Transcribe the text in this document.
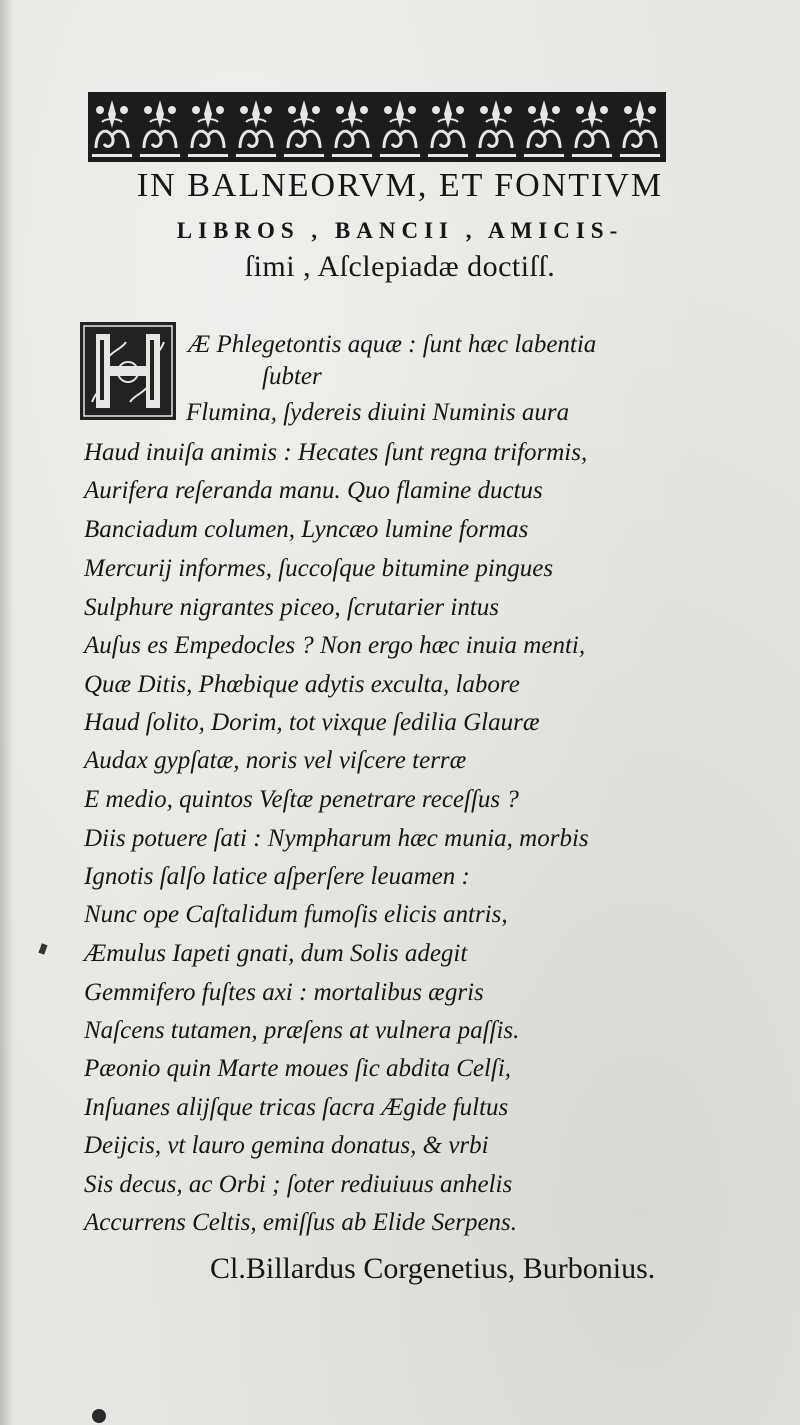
IN BALNEORVM, ET FONTIVM
LIBROS , BANCII , AMICIS-
ſimi , Aſclepiadæ doctiſſ.
Æ Phlegetontis aquæ : ſunt hæc labentia
ſubter
Flumina, ſydereis diuini Numinis aura
Haud inuiſa animis : Hecates ſunt regna triformis,
Aurifera reſeranda manu. Quo flamine ductus
Banciadum columen, Lyncæo lumine formas
Mercurij informes, ſuccoſque bitumine pingues
Sulphure nigrantes piceo, ſcrutarier intus
Auſus es Empedocles ? Non ergo hæc inuia menti,
Quæ Ditis, Phœbique adytis exculta, labore
Haud ſolito, Dorim, tot vixque ſedilia Glauræ
Audax gypſatæ, noris vel viſcere terræ
E medio, quintos Veſtæ penetrare receſſus ?
Diis potuere ſati : Nympharum hæc munia, morbis
Ignotis ſalſo latice aſperſere leuamen :
Nunc ope Caſtalidum fumoſis elicis antris,
Æmulus Iapeti gnati, dum Solis adegit
Gemmifero fuſtes axi : mortalibus ægris
Naſcens tutamen, præſens at vulnera paſſis.
Pæonio quin Marte moues ſic abdita Celſi,
Inſuanes alijſque tricas ſacra Ægide fultus
Deijcis, vt lauro gemina donatus, & vrbi
Sis decus, ac Orbi ; ſoter rediuiuus anhelis
Accurrens Celtis, emiſſus ab Elide Serpens.
Cl.Billardus Corgenetius, Burbonius.
